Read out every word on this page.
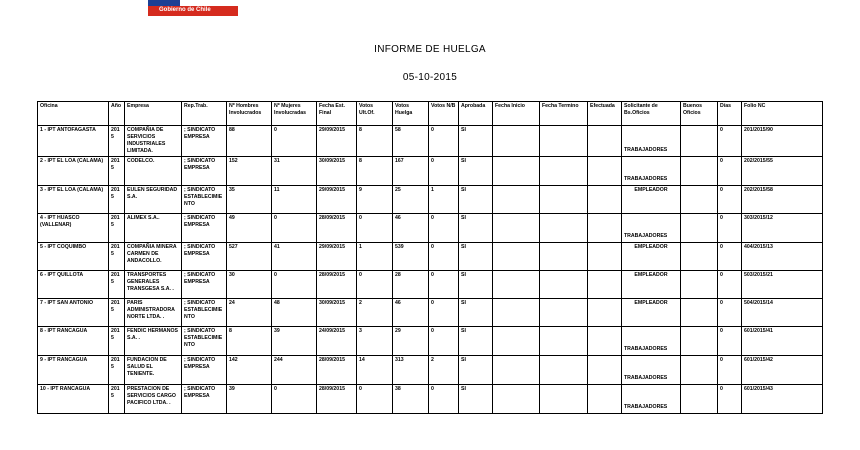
Gobierno de Chile
INFORME DE HUELGA
05-10-2015
Oficina	Año	Empresa	Rep.Trab.	Nº Hombres Involucrados	Nº Mujeres Involucradas	Fecha Est. Final	Votos Ult.Of.	Votos Huelga	Votos N/B	Aprobada	Fecha Inicio	Fecha Termino	Efectuada	Solicitante de Bs.Oficios	Buenos Oficios	Días	Folio NC
1 - IPT ANTOFAGASTA	2015	COMPAÑIA DE SERVICIOS INDUSTRIALES LIMITADA.	; SINDICATO EMPRESA	88	0	29/09/2015	8	58	0	SI				TRABAJADORES		0	201/2015/90
2 - IPT EL LOA (CALAMA)	2015	CODELCO.	; SINDICATO EMPRESA	152	31	30/09/2015	8	167	0	SI				TRABAJADORES		0	202/2015/55
3 - IPT EL LOA (CALAMA)	2015	EULEN SEGURIDAD S.A.	; SINDICATO ESTABLECIMIENTO	35	11	29/09/2015	9	25	1	SI				EMPLEADOR		0	202/2015/58
4 - IPT HUASCO (VALLENAR)	2015	ALIMEX S.A..	; SINDICATO EMPRESA	49	0	28/09/2015	0	46	0	SI				TRABAJADORES		0	303/2015/12
5 - IPT COQUIMBO	2015	COMPAÑIA MINERA CARMEN DE ANDACOLLO.	; SINDICATO EMPRESA	527	41	29/09/2015	1	539	0	SI				EMPLEADOR		0	404/2015/13
6 - IPT QUILLOTA	2015	TRANSPORTES GENERALES TRANSGESA S.A. .	; SINDICATO EMPRESA	30	0	28/09/2015	0	28	0	SI				EMPLEADOR		0	503/2015/21
7 - IPT SAN ANTONIO	2015	PARIS ADMINISTRADORA NORTE LTDA. .	; SINDICATO ESTABLECIMIENTO	24	48	30/09/2015	2	46	0	SI				EMPLEADOR		0	504/2015/14
8 - IPT RANCAGUA	2015	FENDIC HERMANOS S.A. .	; SINDICATO ESTABLECIMIENTO	8	39	24/09/2015	3	29	0	SI				TRABAJADORES		0	601/2015/41
9 - IPT RANCAGUA	2015	FUNDACION DE SALUD EL TENIENTE.	; SINDICATO EMPRESA	142	244	28/09/2015	14	313	2	SI				TRABAJADORES		0	601/2015/42
10 - IPT RANCAGUA	2015	PRESTACION DE SERVICIOS CARGO PACIFICO LTDA. .	; SINDICATO EMPRESA	39	0	28/09/2015	0	38	0	SI				TRABAJADORES		0	601/2015/43
